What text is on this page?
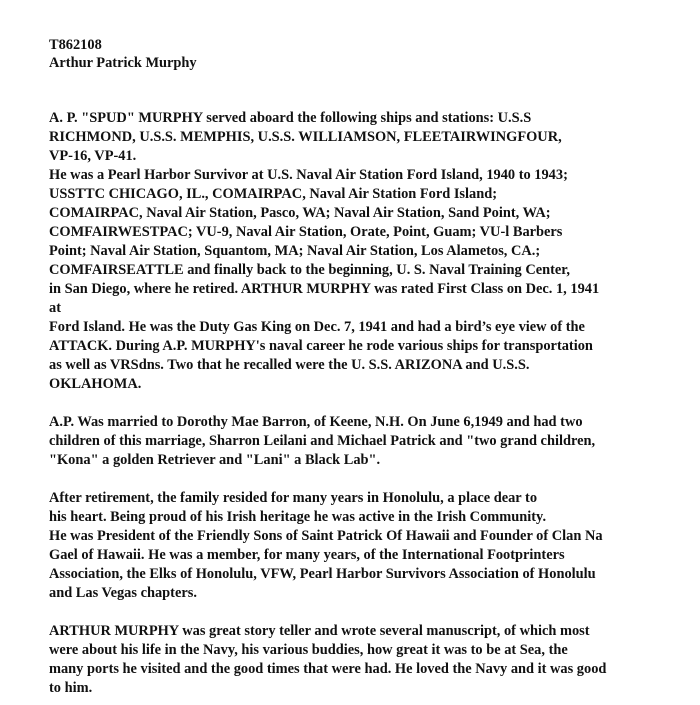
T862108
Arthur Patrick Murphy
A. P. "SPUD" MURPHY served aboard the following ships and stations: U.S.S
RICHMOND, U.S.S. MEMPHIS, U.S.S. WILLIAMSON, FLEETAIRWINGFOUR,
VP-16, VP-41.
He was a Pearl Harbor Survivor at U.S. Naval Air Station Ford Island, 1940 to 1943;
USSTTC CHICAGO, IL., COMAIRPAC, Naval Air Station Ford Island;
COMAIRPAC, Naval Air Station, Pasco, WA; Naval Air Station, Sand Point, WA;
COMFAIRWESTPAC; VU-9, Naval Air Station, Orate, Point, Guam; VU-l Barbers
Point; Naval Air Station, Squantom, MA; Naval Air Station, Los Alametos, CA.;
COMFAIRSEATTLE and finally back to the beginning, U. S. Naval Training Center,
in San Diego, where he retired. ARTHUR MURPHY was rated First Class on Dec. 1, 1941
at
Ford Island. He was the Duty Gas King on Dec. 7, 1941 and had a bird’s eye view of the
ATTACK. During A.P. MURPHY's naval career he rode various ships for transportation
as well as VRSdns. Two that he recalled were the U. S.S. ARIZONA and U.S.S.
OKLAHOMA.
A.P. Was married to Dorothy Mae Barron, of Keene, N.H. On June 6,1949 and had two
children of this marriage, Sharron Leilani and Michael Patrick and "two grand children,
"Kona" a golden Retriever and "Lani" a Black Lab".
After retirement, the family resided for many years in Honolulu, a place dear to
his heart. Being proud of his Irish heritage he was active in the Irish Community.
He was President of the Friendly Sons of Saint Patrick Of Hawaii and Founder of Clan Na
Gael of Hawaii. He was a member, for many years, of the International Footprinters
Association, the Elks of Honolulu, VFW, Pearl Harbor Survivors Association of Honolulu
and Las Vegas chapters.
ARTHUR MURPHY was great story teller and wrote several manuscript, of which most
were about his life in the Navy, his various buddies, how great it was to be at Sea, the
many ports he visited and the good times that were had. He loved the Navy and it was good
to him.
